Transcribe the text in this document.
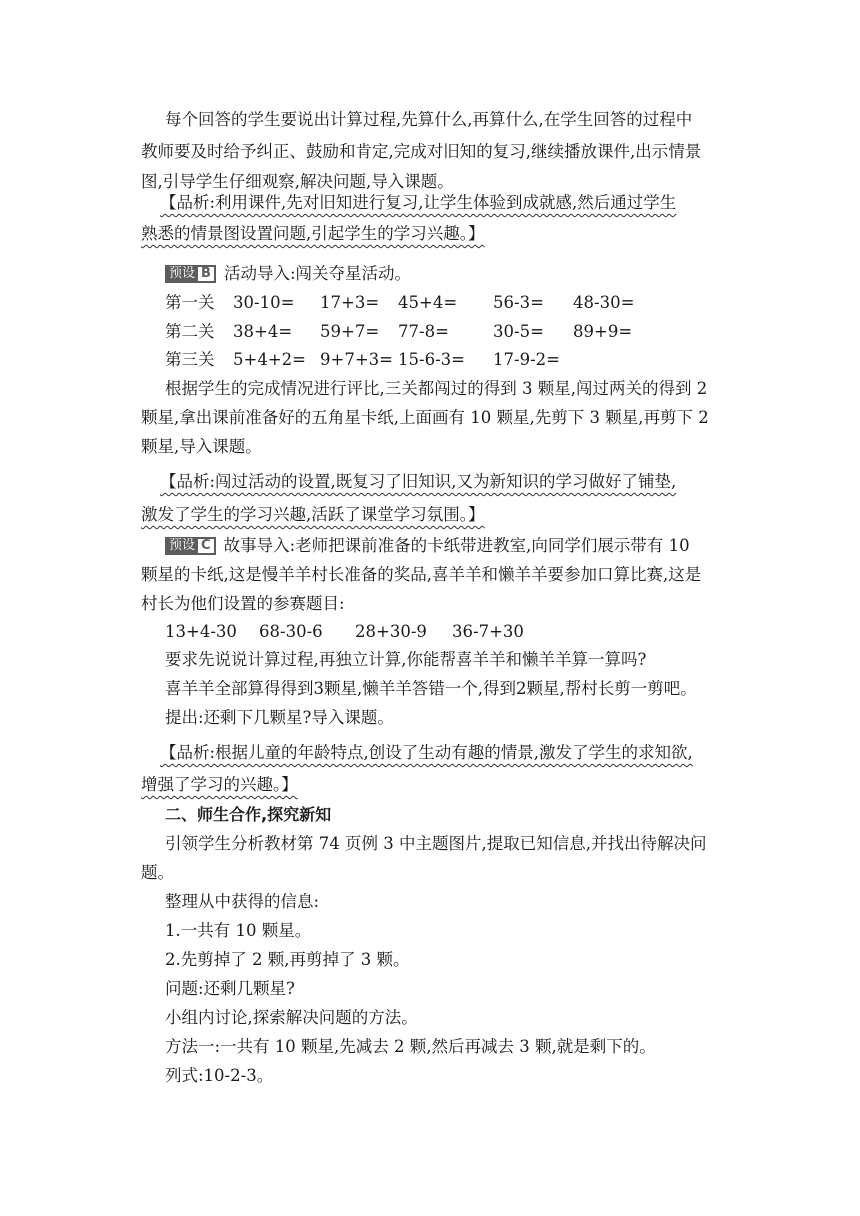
每个回答的学生要说出计算过程,先算什么,再算什么,在学生回答的过程中
教师要及时给予纠正、鼓励和肯定,完成对旧知的复习,继续播放课件,出示情景
图,引导学生仔细观察,解决问题,导入课题。
【品析:利用课件,先对旧知进行复习,让学生体验到成就感,然后通过学生
熟悉的情景图设置问题,引起学生的学习兴趣。】
预设 B 活动导入:闯关夺星活动。
第一关 30-10= 17+3= 45+4= 56-3= 48-30=
第二关 38+4= 59+7= 77-8=	30-5= 89+9=
第三关 5+4+2= 9+7+3= 15-6-3= 17-9-2=
根据学生的完成情况进行评比,三关都闯过的得到 3 颗星,闯过两关的得到 2
颗星,拿出课前准备好的五角星卡纸,上面画有 10 颗星,先剪下 3 颗星,再剪下 2
颗星,导入课题。
【品析:闯过活动的设置,既复习了旧知识,又为新知识的学习做好了铺垫,
激发了学生的学习兴趣,活跃了课堂学习氛围。】
预设 C 故事导入:老师把课前准备的卡纸带进教室,向同学们展示带有 10
颗星的卡纸,这是慢羊羊村长准备的奖品,喜羊羊和懒羊羊要参加口算比赛,这是
村长为他们设置的参赛题目:
13+4-30 68-30-6 28+30-9 36-7+30
要求先说说计算过程,再独立计算,你能帮喜羊羊和懒羊羊算一算吗?
喜羊羊全部算得得到3颗星,懒羊羊答错一个,得到2颗星,帮村长剪一剪吧。
提出:还剩下几颗星?导入课题。
【品析:根据儿童的年龄特点,创设了生动有趣的情景,激发了学生的求知欲,
增强了学习的兴趣。】
二、师生合作,探究新知
引领学生分析教材第 74 页例 3 中主题图片,提取已知信息,并找出待解决问
题。
整理从中获得的信息:
1.一共有 10 颗星。
2.先剪掉了 2 颗,再剪掉了 3 颗。
问题:还剩几颗星?
小组内讨论,探索解决问题的方法。
方法一:一共有 10 颗星,先减去 2 颗,然后再减去 3 颗,就是剩下的。
列式:10-2-3。
